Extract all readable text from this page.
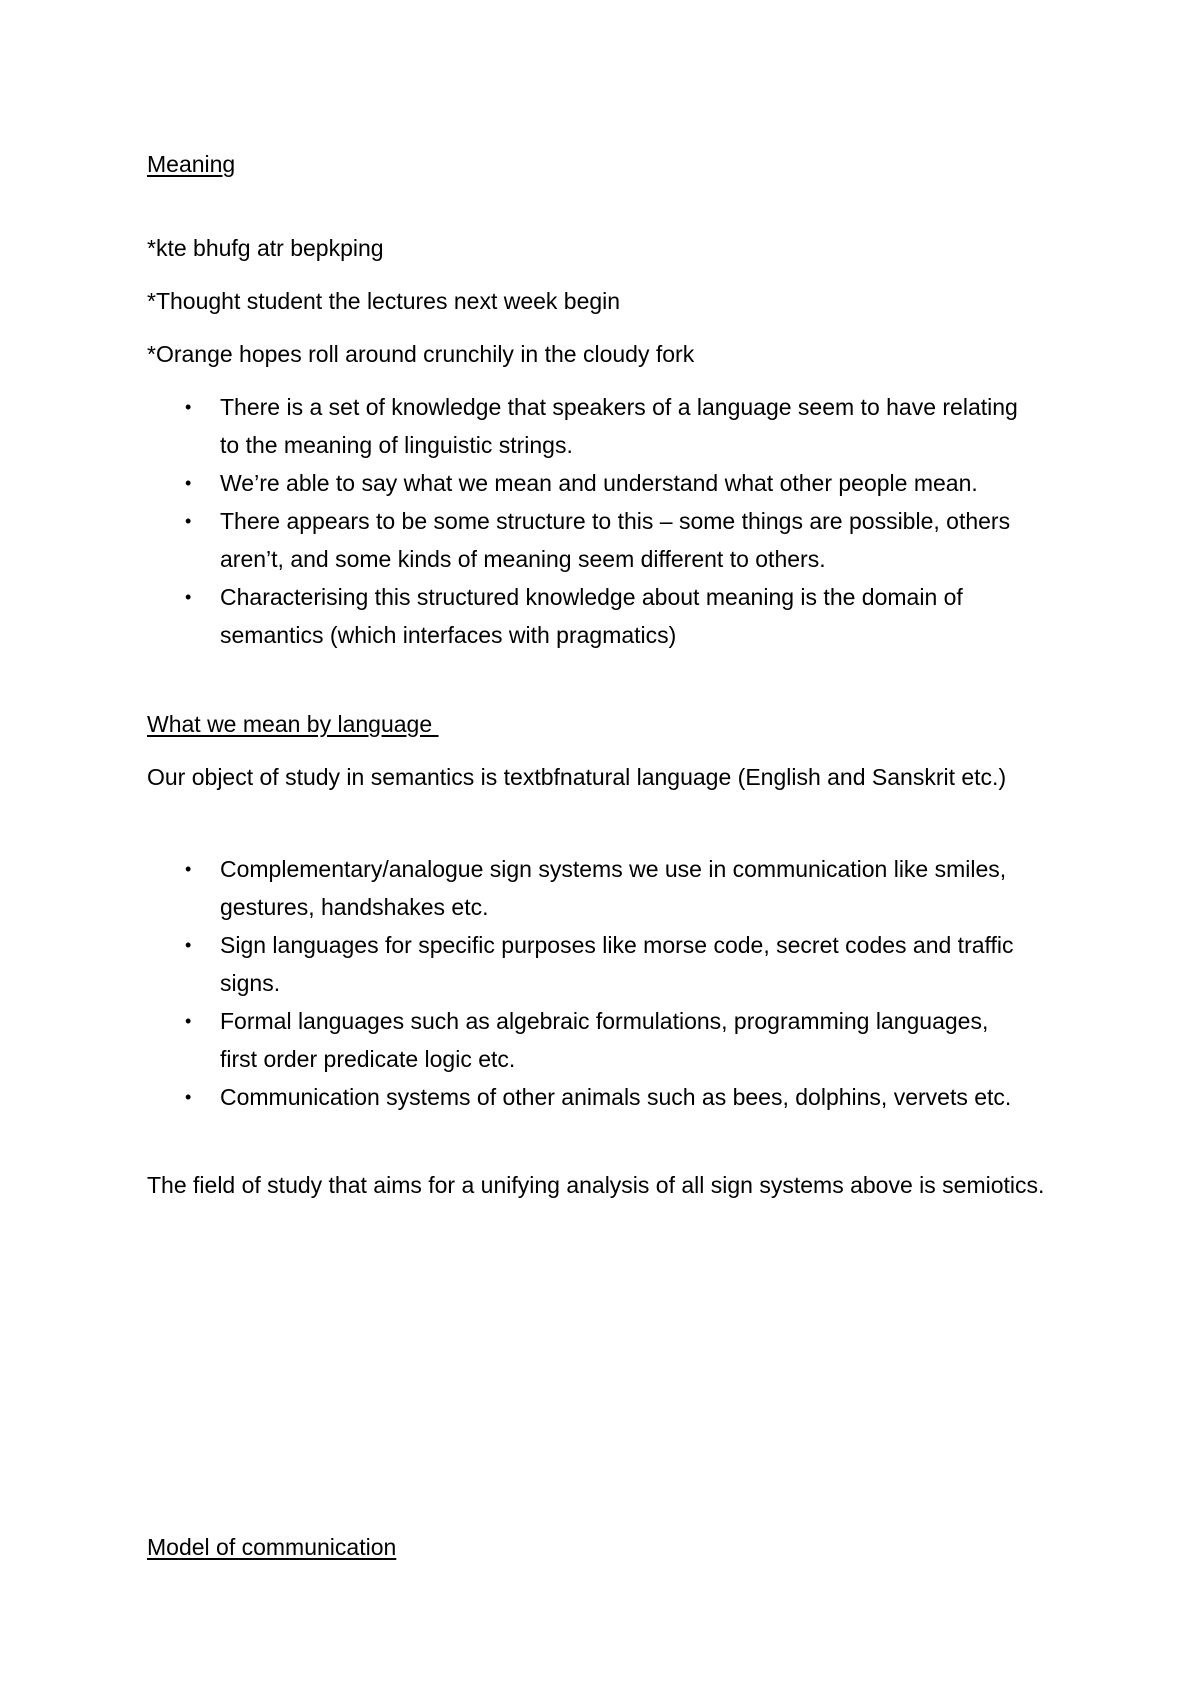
Meaning
*kte bhufg atr bepkping
*Thought student the lectures next week begin
*Orange hopes roll around crunchily in the cloudy fork
• There is a set of knowledge that speakers of a language seem to have relating to the meaning of linguistic strings.
• We’re able to say what we mean and understand what other people mean.
• There appears to be some structure to this – some things are possible, others aren’t, and some kinds of meaning seem different to others.
• Characterising this structured knowledge about meaning is the domain of semantics (which interfaces with pragmatics)
What we mean by language
Our object of study in semantics is textbfnatural language (English and Sanskrit etc.)
• Complementary/analogue sign systems we use in communication like smiles, gestures, handshakes etc.
• Sign languages for specific purposes like morse code, secret codes and traffic signs.
• Formal languages such as algebraic formulations, programming languages, first order predicate logic etc.
• Communication systems of other animals such as bees, dolphins, vervets etc.
The field of study that aims for a unifying analysis of all sign systems above is semiotics.
Model of communication
